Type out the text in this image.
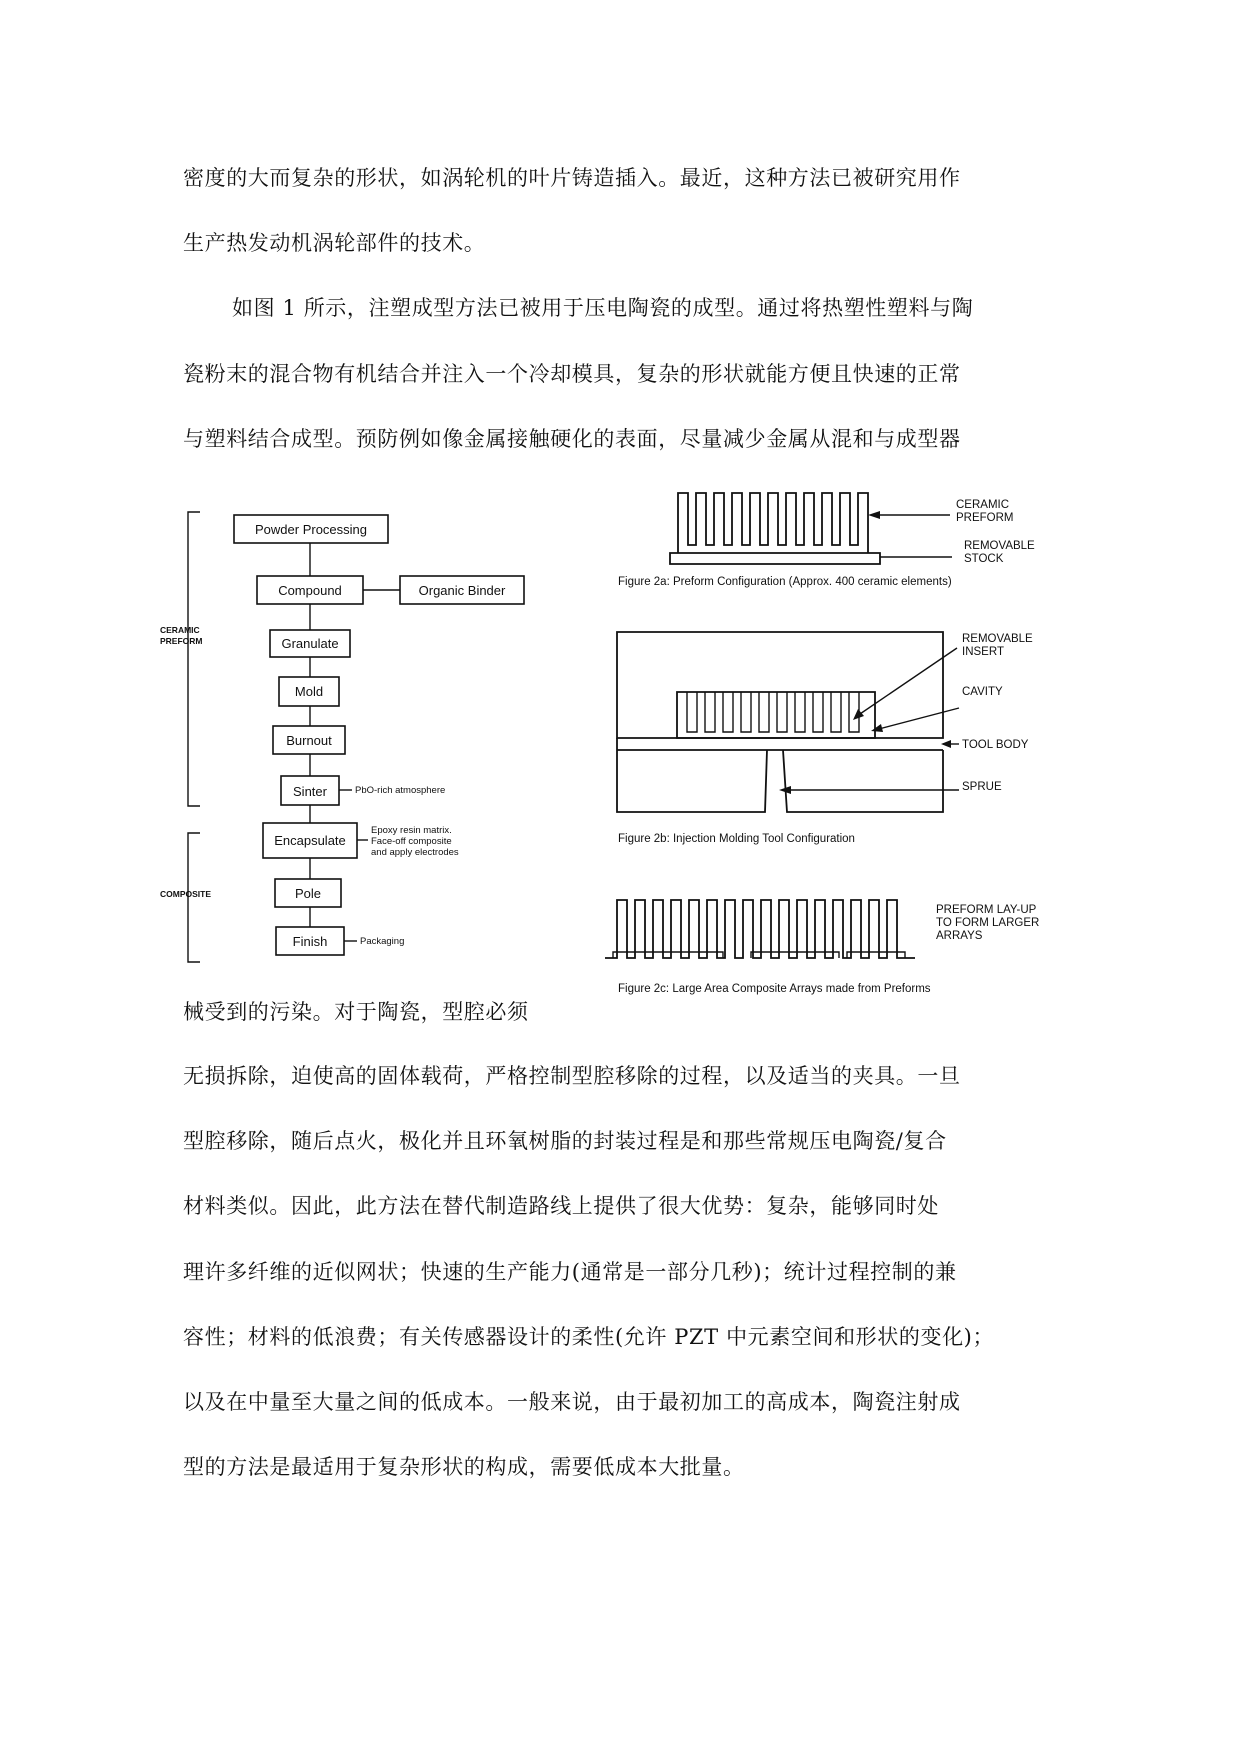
密度的大而复杂的形状，如涡轮机的叶片铸造插入。最近，这种方法已被研究用作
生产热发动机涡轮部件的技术。
如图 1 所示，注塑成型方法已被用于压电陶瓷的成型。通过将热塑性塑料与陶
瓷粉末的混合物有机结合并注入一个冷却模具，复杂的形状就能方便且快速的正常
与塑料结合成型。预防例如像金属接触硬化的表面，尽量减少金属从混和与成型器
械受到的污染。对于陶瓷，型腔必须
无损拆除，迫使高的固体载荷，严格控制型腔移除的过程，以及适当的夹具。一旦
型腔移除，随后点火，极化并且环氧树脂的封装过程是和那些常规压电陶瓷/复合
材料类似。因此，此方法在替代制造路线上提供了很大优势：复杂，能够同时处
理许多纤维的近似网状；快速的生产能力(通常是一部分几秒)；统计过程控制的兼
容性；材料的低浪费；有关传感器设计的柔性(允许 PZT 中元素空间和形状的变化)；
以及在中量至大量之间的低成本。一般来说，由于最初加工的高成本，陶瓷注射成
型的方法是最适用于复杂形状的构成，需要低成本大批量。
CERAMIC
PREFORM
COMPOSITE
Powder Processing
Compound	Organic Binder
Granulate
Mold
Burnout
Sinter	PbO-rich atmosphere
Encapsulate
Epoxy resin matrix.
Face-off composite
and apply electrodes
Pole
Finish	Packaging
CERAMIC
PREFORM
REMOVABLE
STOCK
Figure 2a: Preform Configuration (Approx. 400 ceramic elements)
REMOVABLE
INSERT
CAVITY
TOOL BODY
SPRUE
Figure 2b: Injection Molding Tool Configuration
PREFORM LAY-UP
TO FORM LARGER
ARRAYS
Figure 2c: Large Area Composite Arrays made from Preforms
